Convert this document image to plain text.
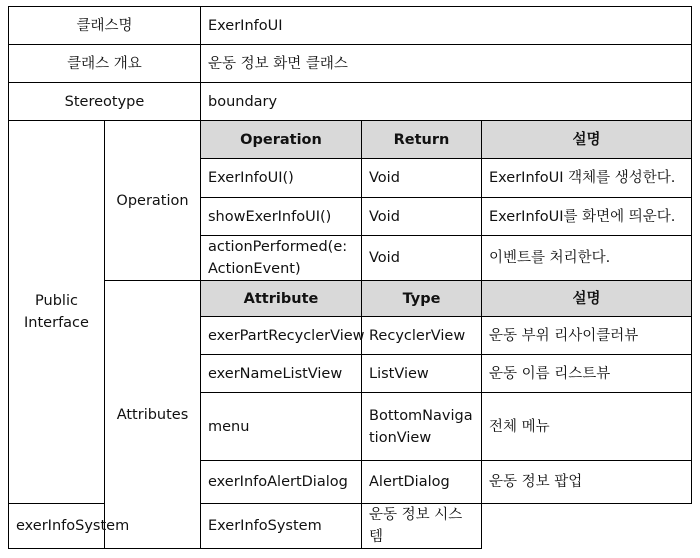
클래스명		ExerInfoUI		
클래스 개요		운동 정보 화면 클래스		
Stereotype		boundary		
Public
Interface	Operation	Operation	Return	설명
		ExerInfoUI()	Void	ExerInfoUI 객체를 생성한다.
		showExerInfoUI()	Void	ExerInfoUI를 화면에 띄운다.
		actionPerformed(e: ActionEvent)	Void	이벤트를 처리한다.
	Attributes	Attribute	Type	설명
		exerPartRecyclerView	RecyclerView	운동 부위 리사이클러뷰
		exerNameListView	ListView	운동 이름 리스트뷰
		menu	BottomNavigationView	전체 메뉴
		exerInfoAlertDialog	AlertDialog	운동 정보 팝업
exerInfoSystem		ExerInfoSystem	운동 정보 시스템	
